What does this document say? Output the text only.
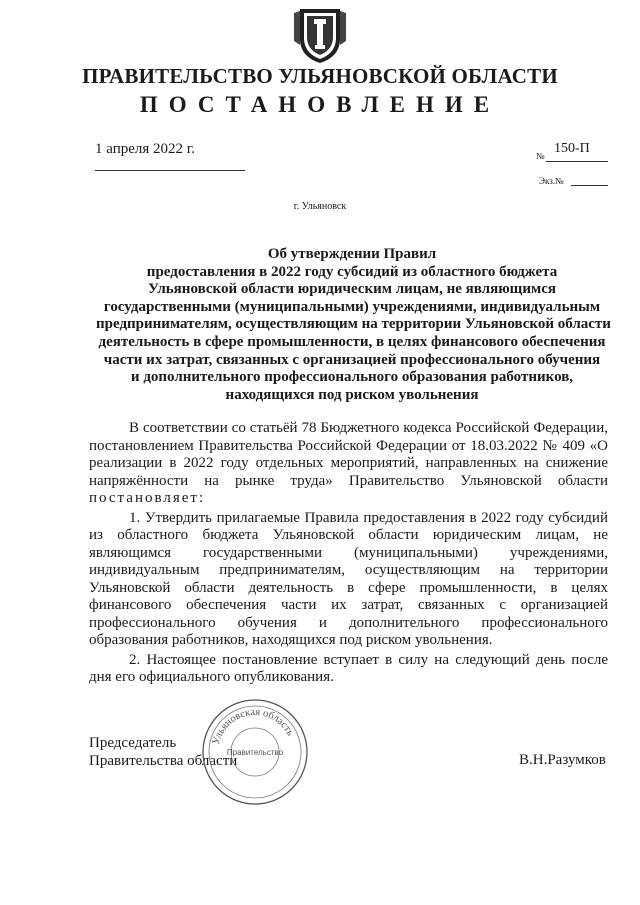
ПРАВИТЕЛЬСТВО УЛЬЯНОВСКОЙ ОБЛАСТИ
ПОСТАНОВЛЕНИЕ
1 апреля 2022 г.	150-П
№
Экз.№
г. Ульяновск
Об утверждении Правил
предоставления в 2022 году субсидий из областного бюджета
Ульяновской области юридическим лицам, не являющимся
государственными (муниципальными) учреждениями, индивидуальным
предпринимателям, осуществляющим на территории Ульяновской области
деятельность в сфере промышленности, в целях финансового обеспечения
части их затрат, связанных с организацией профессионального обучения
и дополнительного профессионального образования работников,
находящихся под риском увольнения

В соответствии со статьёй 78 Бюджетного кодекса Российской Федерации, постановлением Правительства Российской Федерации от 18.03.2022 № 409 «О реализации в 2022 году отдельных мероприятий, направленных на снижение напряжённости на рынке труда» Правительство Ульяновской области постановляет:

1. Утвердить прилагаемые Правила предоставления в 2022 году субсидий из областного бюджета Ульяновской области юридическим лицам, не являющимся государственными (муниципальными) учреждениями, индивидуальным предпринимателям, осуществляющим на территории Ульяновской области деятельность в сфере промышленности, в целях финансового обеспечения части их затрат, связанных с организацией профессионального обучения и дополнительного профессионального образования работников, находящихся под риском увольнения.

2. Настоящее постановление вступает в силу на следующий день после дня его официального опубликования.

Председатель
Правительства области	В.Н.Разумков
Ульяновская область
Правительство
